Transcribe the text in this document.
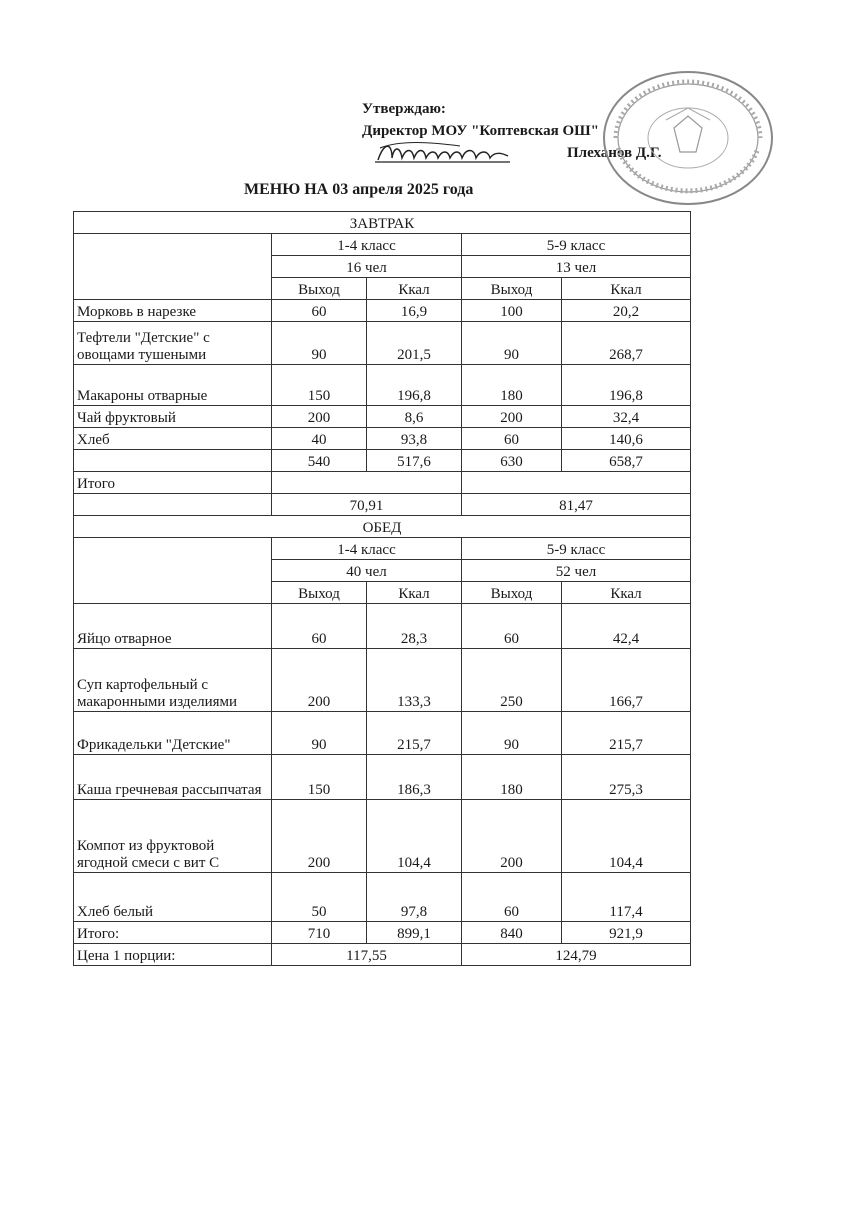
Утверждаю:
Директор МОУ "Коптевская ОШ"
Плеханов Д.Г.
МЕНЮ НА 03 апреля 2025 года
ЗАВТРАК				
	1-4 класс		5-9 класс	
	16 чел		13 чел	
	Выход	Ккал	Выход	Ккал
Морковь в нарезке	60	16,9	100	20,2
Тефтели "Детские" с овощами тушеными	90	201,5	90	268,7
Макароны отварные	150	196,8	180	196,8
Чай фруктовый	200	8,6	200	32,4
Хлеб	40	93,8	60	140,6
	540	517,6	630	658,7
Итого				
	70,91		81,47	
ОБЕД				
	1-4 класс		5-9 класс	
	40 чел		52 чел	
	Выход	Ккал	Выход	Ккал
Яйцо отварное	60	28,3	60	42,4
Суп картофельный с макаронными изделиями	200	133,3	250	166,7
Фрикадельки "Детские"	90	215,7	90	215,7
Каша гречневая рассыпчатая	150	186,3	180	275,3
Компот из фруктовой ягодной смеси с вит С	200	104,4	200	104,4
Хлеб белый	50	97,8	60	117,4
Итого:	710	899,1	840	921,9
Цена 1 порции:	117,55		124,79	
